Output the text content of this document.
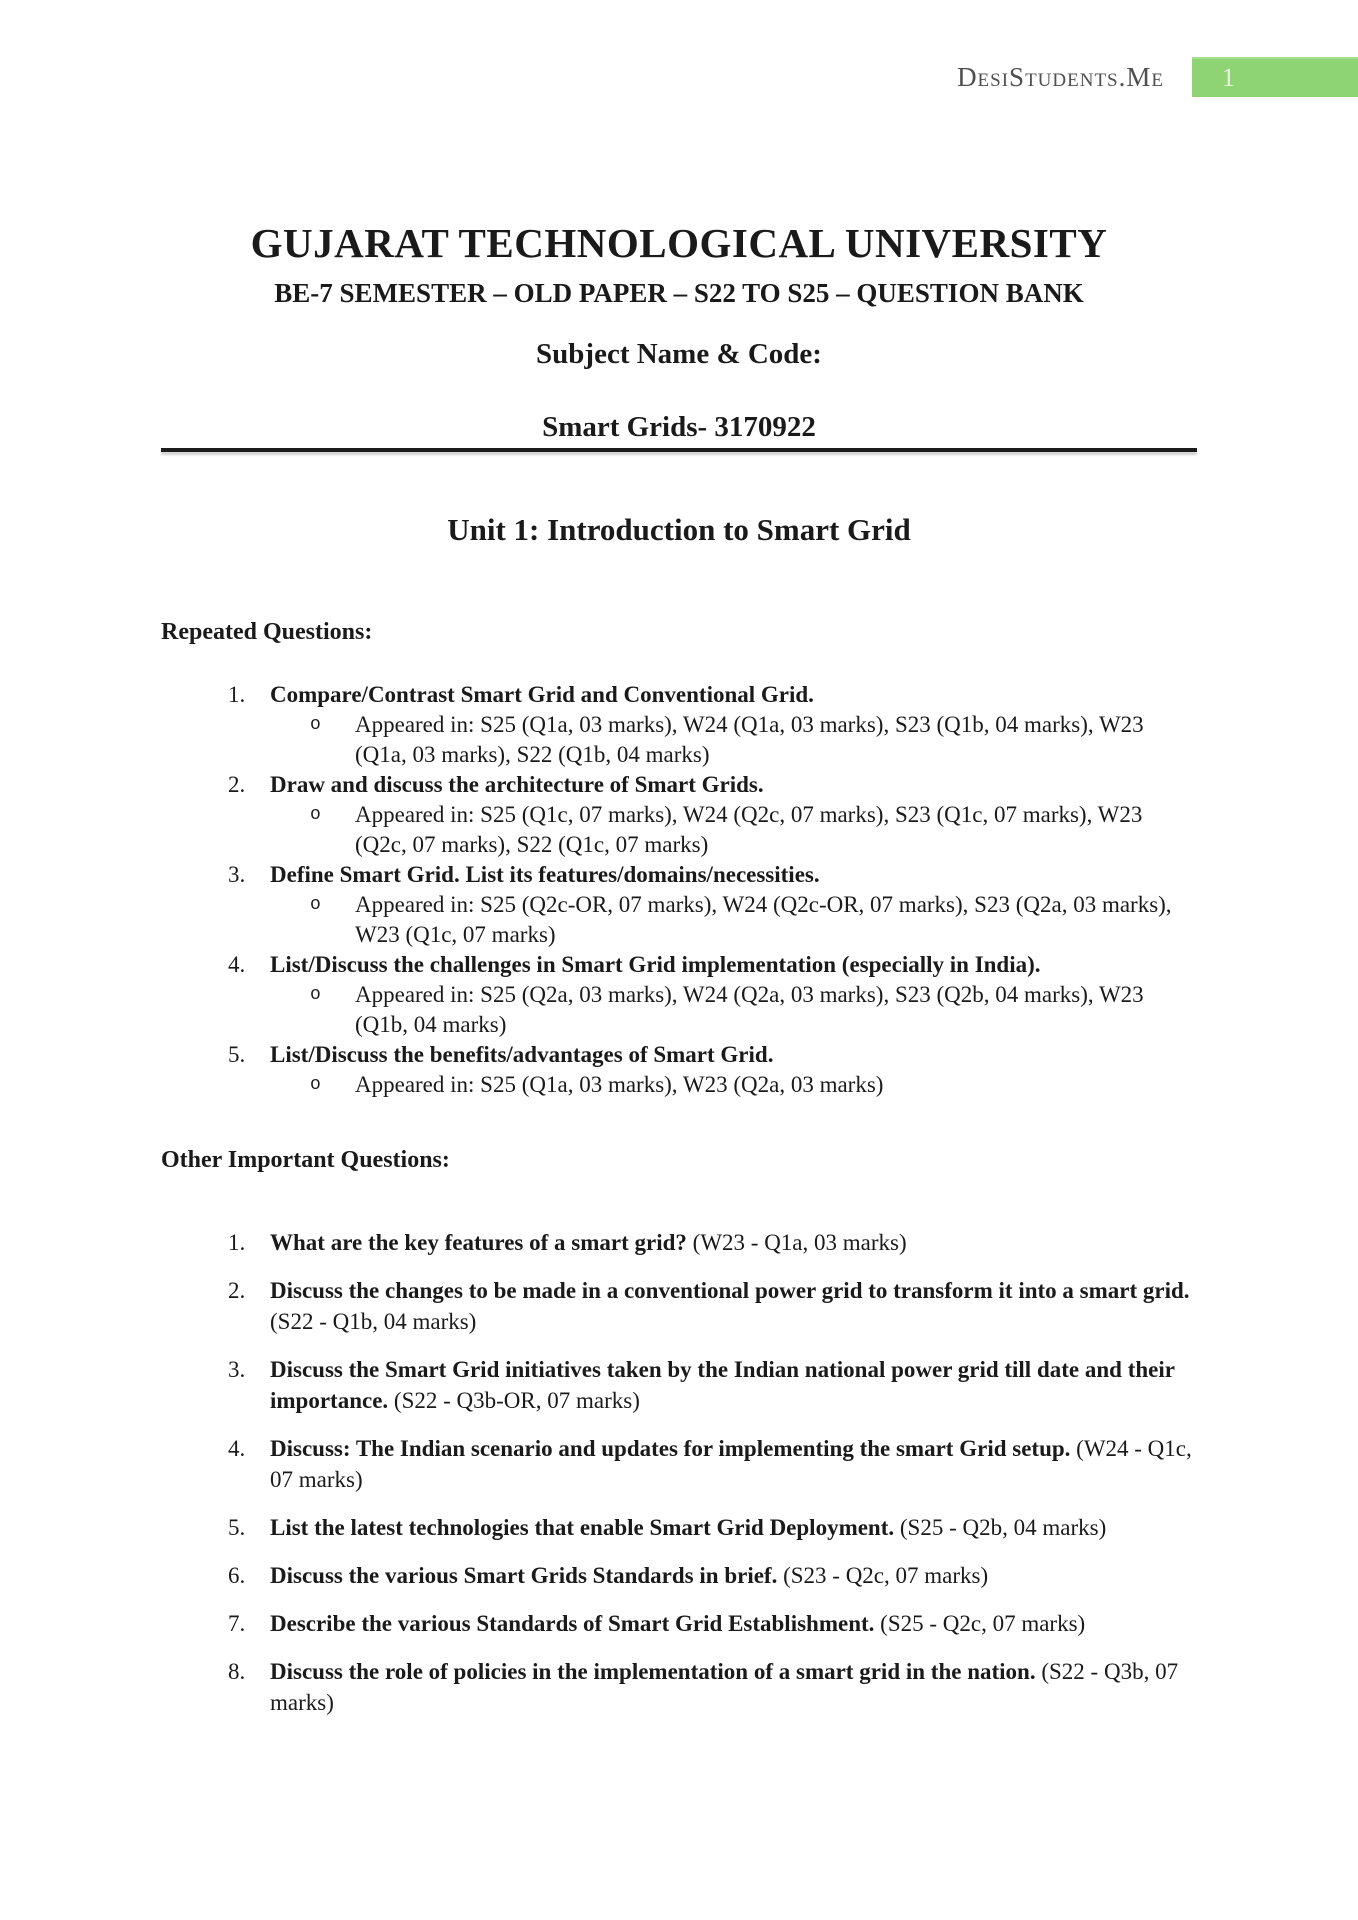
DesiStudents.Me 1
GUJARAT TECHNOLOGICAL UNIVERSITY
BE-7 SEMESTER – OLD PAPER – S22 TO S25 – QUESTION BANK
Subject Name & Code:
Smart Grids- 3170922
Unit 1: Introduction to Smart Grid
Repeated Questions:
1.	Compare/Contrast Smart Grid and Conventional Grid.
o	Appeared in: S25 (Q1a, 03 marks), W24 (Q1a, 03 marks), S23 (Q1b, 04 marks), W23 (Q1a, 03 marks), S22 (Q1b, 04 marks)
2.	Draw and discuss the architecture of Smart Grids.
o	Appeared in: S25 (Q1c, 07 marks), W24 (Q2c, 07 marks), S23 (Q1c, 07 marks), W23 (Q2c, 07 marks), S22 (Q1c, 07 marks)
3.	Define Smart Grid. List its features/domains/necessities.
o	Appeared in: S25 (Q2c-OR, 07 marks), W24 (Q2c-OR, 07 marks), S23 (Q2a, 03 marks), W23 (Q1c, 07 marks)
4.	List/Discuss the challenges in Smart Grid implementation (especially in India).
o	Appeared in: S25 (Q2a, 03 marks), W24 (Q2a, 03 marks), S23 (Q2b, 04 marks), W23 (Q1b, 04 marks)
5.	List/Discuss the benefits/advantages of Smart Grid.
o	Appeared in: S25 (Q1a, 03 marks), W23 (Q2a, 03 marks)
Other Important Questions:
1.	What are the key features of a smart grid? (W23 - Q1a, 03 marks)
2.	Discuss the changes to be made in a conventional power grid to transform it into a smart grid. (S22 - Q1b, 04 marks)
3.	Discuss the Smart Grid initiatives taken by the Indian national power grid till date and their importance. (S22 - Q3b-OR, 07 marks)
4.	Discuss: The Indian scenario and updates for implementing the smart Grid setup. (W24 - Q1c, 07 marks)
5.	List the latest technologies that enable Smart Grid Deployment. (S25 - Q2b, 04 marks)
6.	Discuss the various Smart Grids Standards in brief. (S23 - Q2c, 07 marks)
7.	Describe the various Standards of Smart Grid Establishment. (S25 - Q2c, 07 marks)
8.	Discuss the role of policies in the implementation of a smart grid in the nation. (S22 - Q3b, 07 marks)
